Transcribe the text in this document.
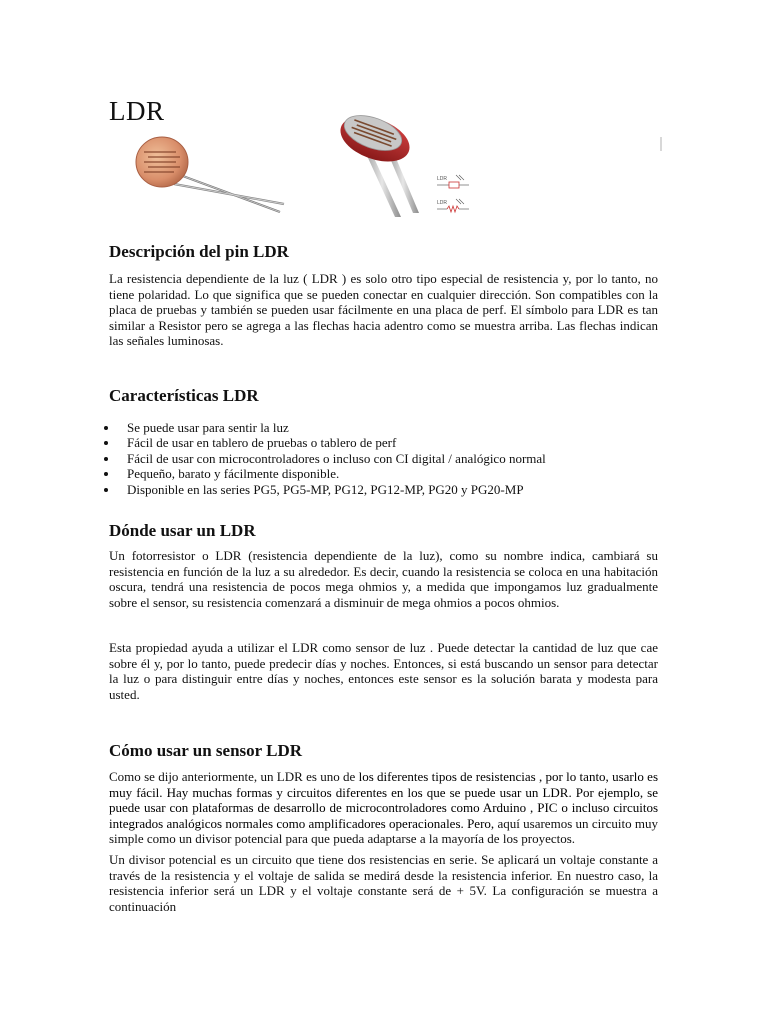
LDR
LDR
LDR
Descripción del pin LDR

La resistencia dependiente de la luz ( LDR ) es solo otro tipo especial de resistencia y, por lo tanto, no tiene polaridad. Lo que significa que se pueden conectar en cualquier dirección. Son compatibles con la placa de pruebas y también se pueden usar fácilmente en una placa de perf. El símbolo para LDR es tan similar a Resistor pero se agrega a las flechas hacia adentro como se muestra arriba. Las flechas indican las señales luminosas.

Características LDR
Se puede usar para sentir la luz
Fácil de usar en tablero de pruebas o tablero de perf
Fácil de usar con microcontroladores o incluso con CI digital / analógico normal
Pequeño, barato y fácilmente disponible.
Disponible en las series PG5, PG5-MP, PG12, PG12-MP, PG20 y PG20-MP
Dónde usar un LDR

Un fotorresistor o LDR (resistencia dependiente de la luz), como su nombre indica, cambiará su resistencia en función de la luz a su alrededor. Es decir, cuando la resistencia se coloca en una habitación oscura, tendrá una resistencia de pocos mega ohmios y, a medida que impongamos luz gradualmente sobre el sensor, su resistencia comenzará a disminuir de mega ohmios a pocos ohmios.

Esta propiedad ayuda a utilizar el LDR como sensor de luz . Puede detectar la cantidad de luz que cae sobre él y, por lo tanto, puede predecir días y noches. Entonces, si está buscando un sensor para detectar la luz o para distinguir entre días y noches, entonces este sensor es la solución barata y modesta para usted.

Cómo usar un sensor LDR

Como se dijo anteriormente, un LDR es uno de los diferentes tipos de resistencias , por lo tanto, usarlo es muy fácil. Hay muchas formas y circuitos diferentes en los que se puede usar un LDR. Por ejemplo, se puede usar con plataformas de desarrollo de microcontroladores como Arduino , PIC o incluso circuitos integrados analógicos normales como amplificadores operacionales. Pero, aquí usaremos un circuito muy simple como un divisor potencial para que pueda adaptarse a la mayoría de los proyectos.

Un divisor potencial es un circuito que tiene dos resistencias en serie. Se aplicará un voltaje constante a través de la resistencia y el voltaje de salida se medirá desde la resistencia inferior. En nuestro caso, la resistencia inferior será un LDR y el voltaje constante será de + 5V. La configuración se muestra a continuación
